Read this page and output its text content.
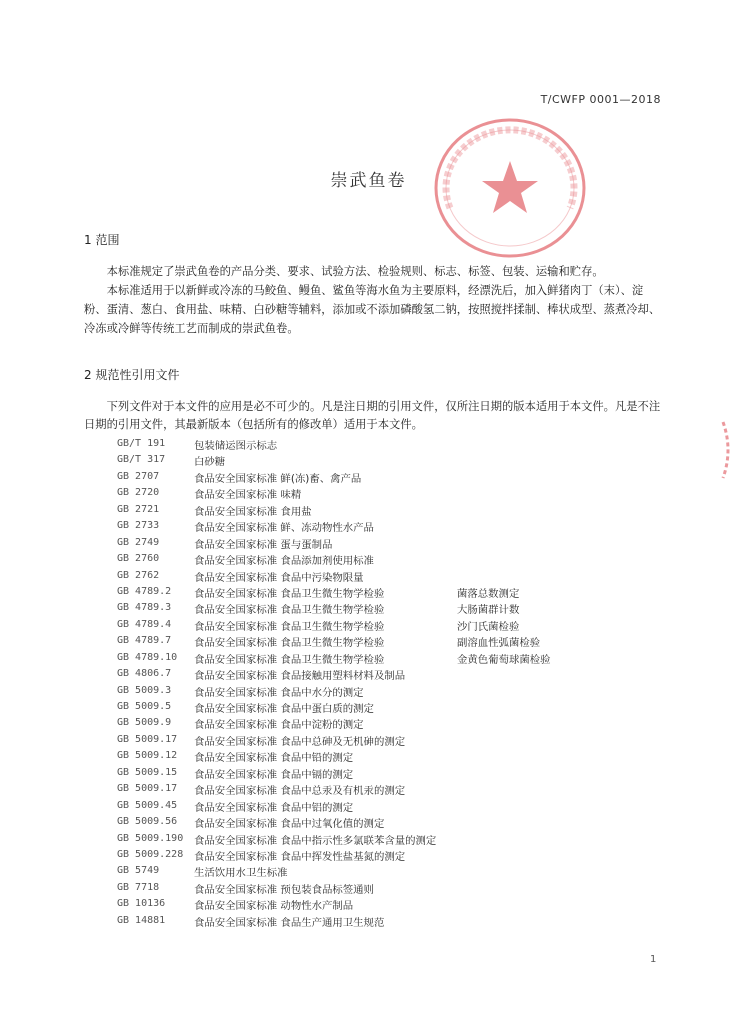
T/CWFP 0001—2018
崇武鱼卷
1 范围

本标准规定了崇武鱼卷的产品分类、要求、试验方法、检验规则、标志、标签、包装、运输和贮存。

本标准适用于以新鲜或冷冻的马鲛鱼、鳗鱼、鲨鱼等海水鱼为主要原料，经漂洗后，加入鲜猪肉丁（末）、淀粉、蛋清、葱白、食用盐、味精、白砂糖等辅料，添加或不添加磷酸氢二钠，按照搅拌揉制、棒状成型、蒸煮冷却、冷冻或冷鲜等传统工艺而制成的崇武鱼卷。

2 规范性引用文件

下列文件对于本文件的应用是必不可少的。凡是注日期的引用文件，仅所注日期的版本适用于本文件。凡是不注日期的引用文件，其最新版本（包括所有的修改单）适用于本文件。

GB/T 191	包装储运图示标志
GB/T 317	白砂糖
GB 2707	食品安全国家标准 鲜(冻)畜、禽产品
GB 2720	食品安全国家标准 味精
GB 2721	食品安全国家标准 食用盐
GB 2733	食品安全国家标准 鲜、冻动物性水产品
GB 2749	食品安全国家标准 蛋与蛋制品
GB 2760	食品安全国家标准 食品添加剂使用标准
GB 2762	食品安全国家标准 食品中污染物限量
GB 4789.2 食品安全国家标准 食品卫生微生物学检验	菌落总数测定
GB 4789.3 食品安全国家标准 食品卫生微生物学检验	大肠菌群计数
GB 4789.4 食品安全国家标准 食品卫生微生物学检验	沙门氏菌检验
GB 4789.7 食品安全国家标准 食品卫生微生物学检验	副溶血性弧菌检验
GB 4789.10 食品安全国家标准 食品卫生微生物学检验	金黄色葡萄球菌检验
GB 4806.7 食品安全国家标准 食品接触用塑料材料及制品
GB 5009.3 食品安全国家标准 食品中水分的测定
GB 5009.5 食品安全国家标准 食品中蛋白质的测定
GB 5009.9 食品安全国家标准 食品中淀粉的测定
GB 5009.17 食品安全国家标准 食品中总砷及无机砷的测定
GB 5009.12 食品安全国家标准 食品中铅的测定
GB 5009.15 食品安全国家标准 食品中镉的测定
GB 5009.17 食品安全国家标准 食品中总汞及有机汞的测定
GB 5009.45 食品安全国家标准 食品中铝的测定
GB 5009.56 食品安全国家标准 食品中过氧化值的测定
GB 5009.190 食品安全国家标准 食品中指示性多氯联苯含量的测定
GB 5009.228 食品安全国家标准 食品中挥发性盐基氮的测定
GB 5749	生活饮用水卫生标准
GB 7718	食品安全国家标准 预包装食品标签通则
GB 10136	食品安全国家标准 动物性水产制品
GB 14881	食品安全国家标准 食品生产通用卫生规范
1
